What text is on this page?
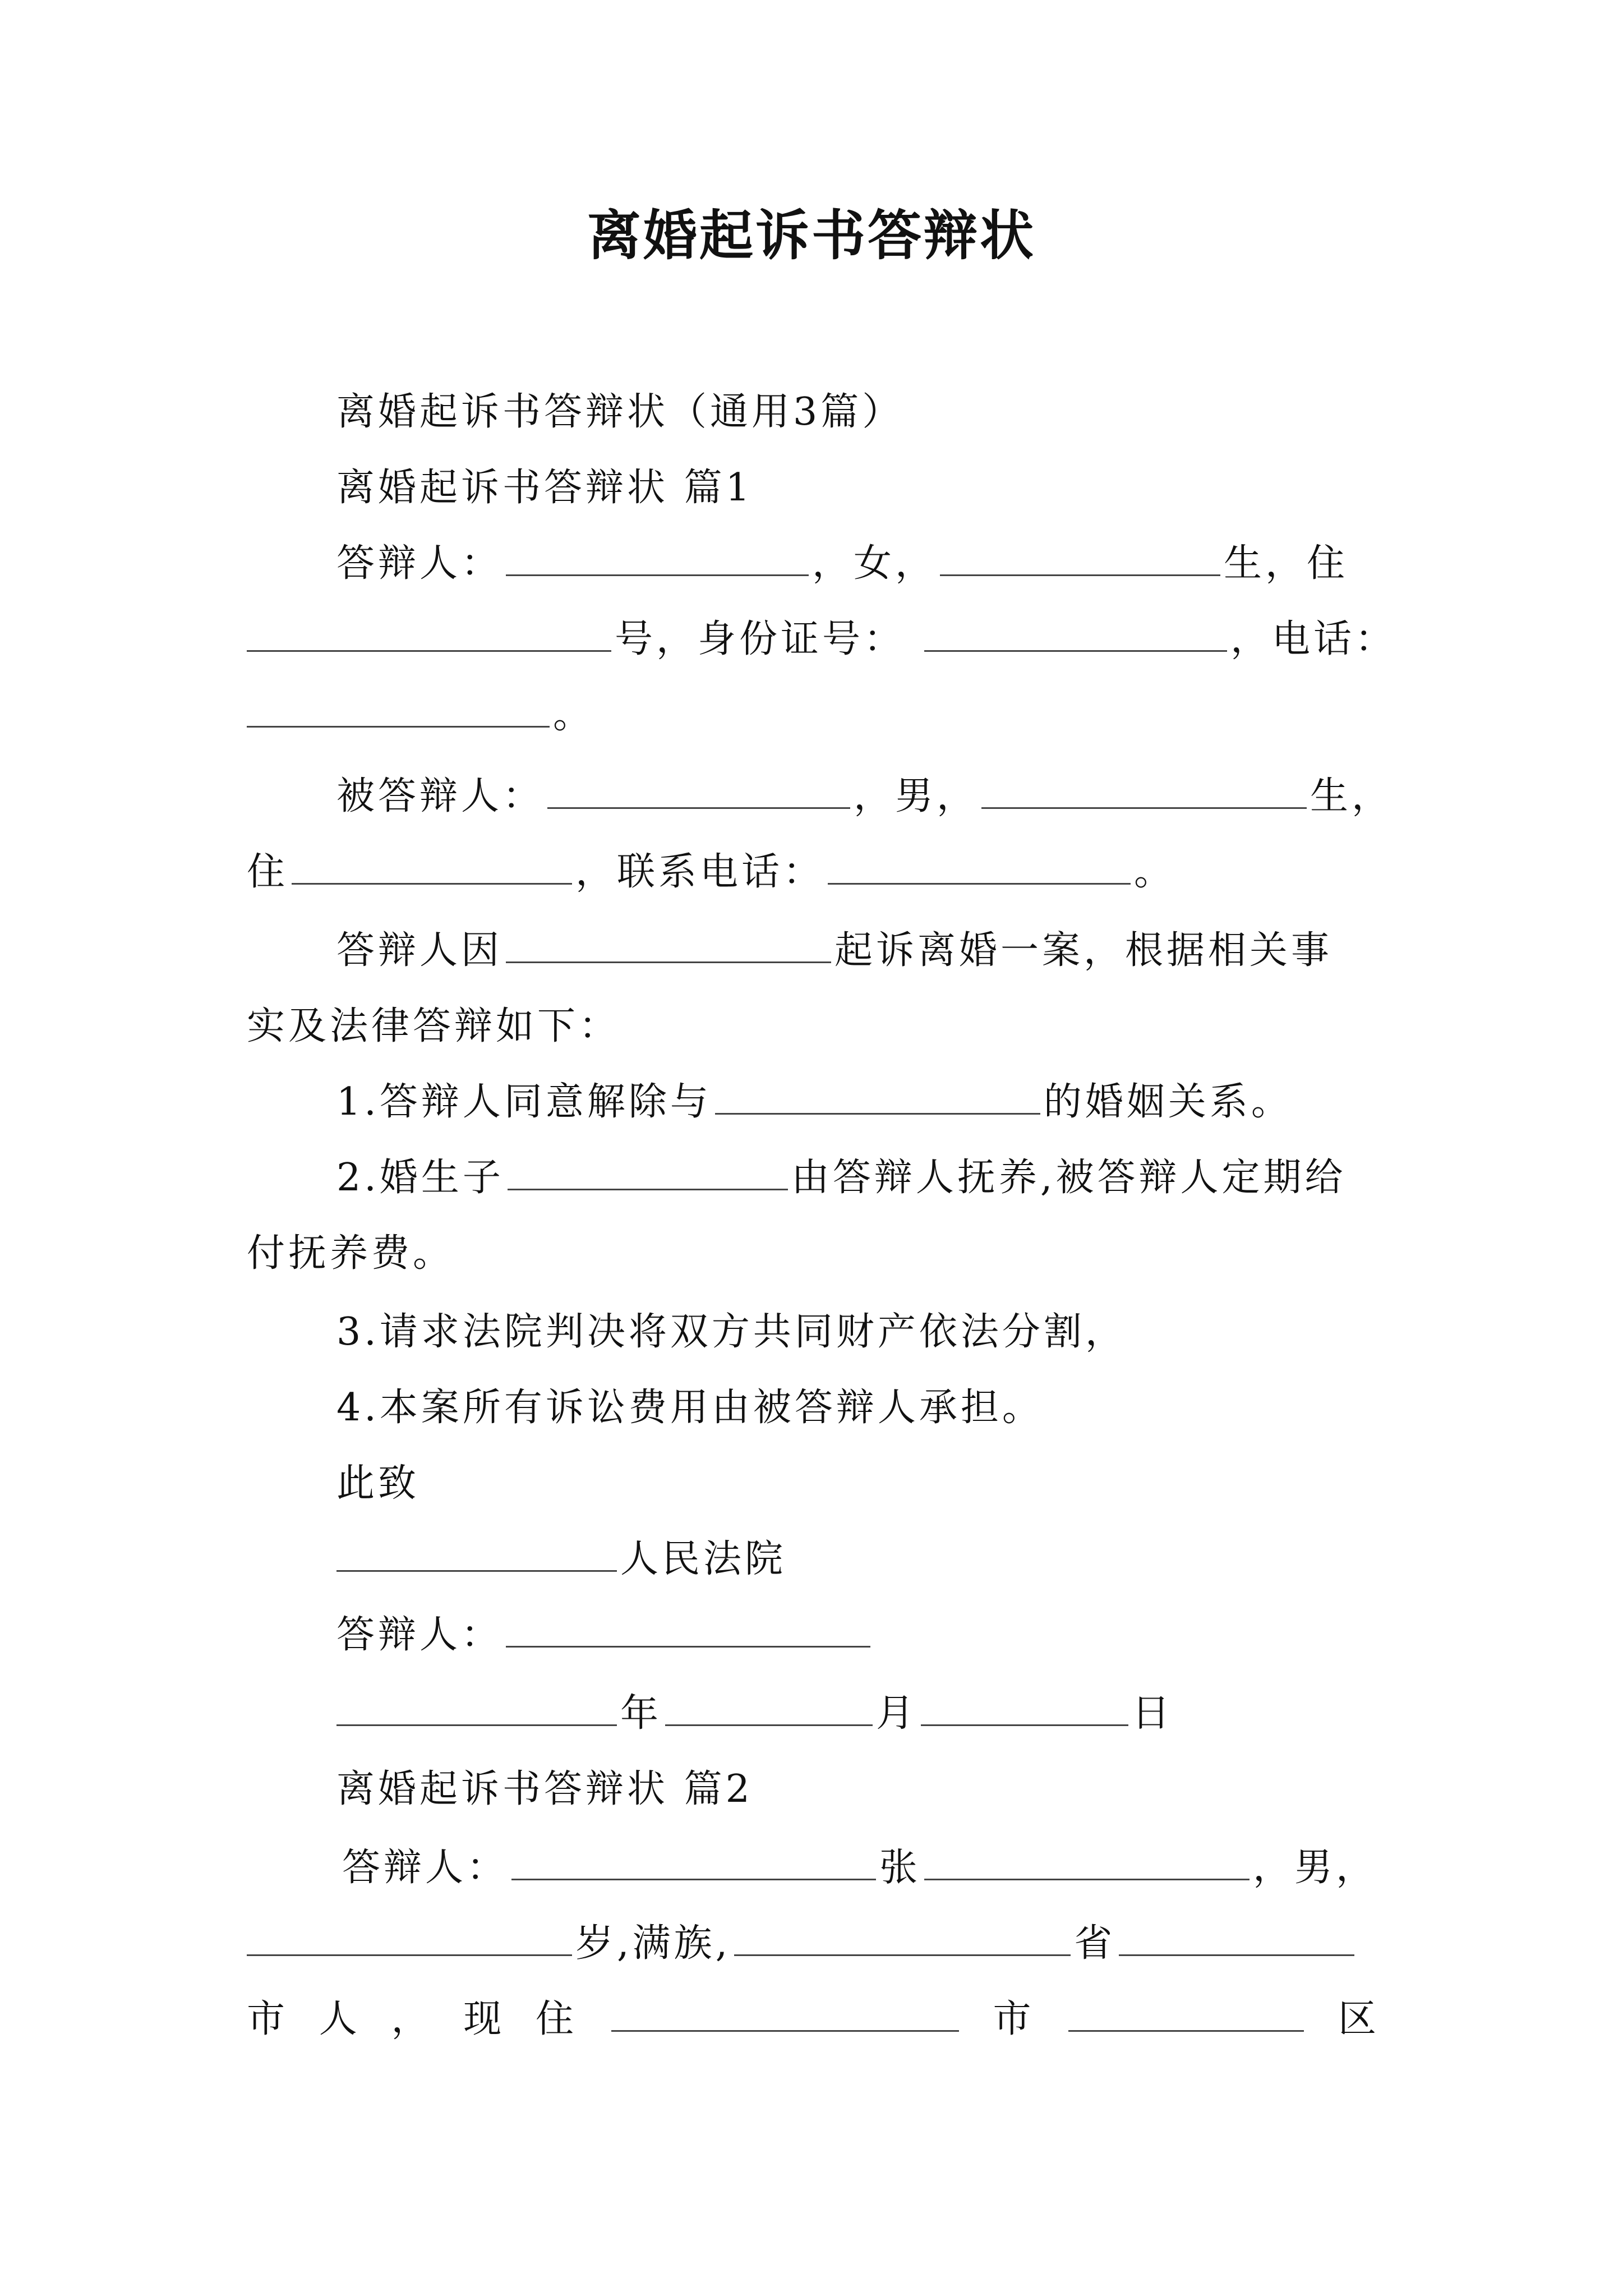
离婚起诉书答辩状
离婚起诉书答辩状（通用3篇）
离婚起诉书答辩状 篇1
答辩人：	，女，	生，住
号，身份证号：	，电话：
。
被答辩人：	，男，	生，
住	，联系电话：	。
答辩人因	起诉离婚一案，根据相关事
实及法律答辩如下：
1.答辩人同意解除与	的婚姻关系。
2.婚生子	由答辩人抚养,被答辩人定期给
付抚养费。
3.请求法院判决将双方共同财产依法分割，
4.本案所有诉讼费用由被答辩人承担。
此致
人民法院
答辩人：
年	月	日
离婚起诉书答辩状 篇2
答辩人：	张	，男，
岁,满族,	省
市 人 ， 现 住	市	区
